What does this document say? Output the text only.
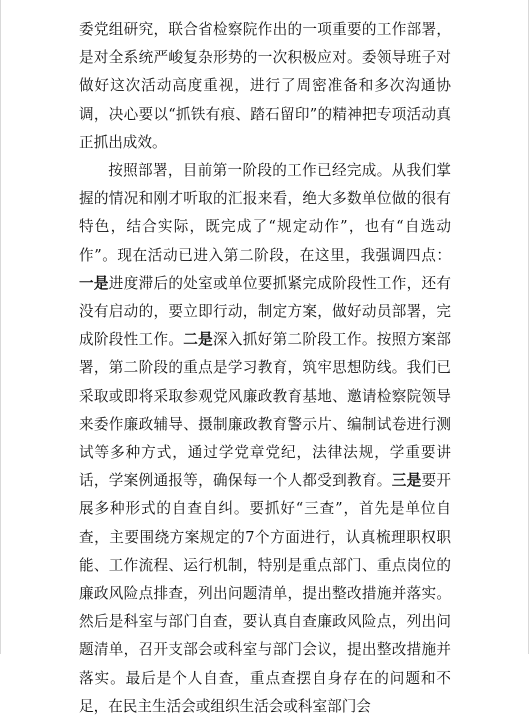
委党组研究，联合省检察院作出的一项重要的工作部署，是对全系统严峻复杂形势的一次积极应对。委领导班子对做好这次活动高度重视，进行了周密准备和多次沟通协调，决心要以“抓铁有痕、踏石留印”的精神把专项活动真正抓出成效。

按照部署，目前第一阶段的工作已经完成。从我们掌握的情况和刚才听取的汇报来看，绝大多数单位做的很有特色，结合实际，既完成了“规定动作”，也有“自选动作”。现在活动已进入第二阶段，在这里，我强调四点：一是进度滞后的处室或单位要抓紧完成阶段性工作，还有没有启动的，要立即行动，制定方案，做好动员部署，完成阶段性工作。二是深入抓好第二阶段工作。按照方案部署，第二阶段的重点是学习教育，筑牢思想防线。我们已采取或即将采取参观党风廉政教育基地、邀请检察院领导来委作廉政辅导、摄制廉政教育警示片、编制试卷进行测试等多种方式，通过学党章党纪，法律法规，学重要讲话，学案例通报等，确保每一个人都受到教育。三是要开展多种形式的自查自纠。要抓好“三查”，首先是单位自查，主要围绕方案规定的7个方面进行，认真梳理职权职能、工作流程、运行机制，特别是重点部门、重点岗位的廉政风险点排查，列出问题清单，提出整改措施并落实。然后是科室与部门自查，要认真自查廉政风险点，列出问题清单，召开支部会或科室与部门会议，提出整改措施并落实。最后是个人自查，重点查摆自身存在的问题和不足，在民主生活会或组织生活会或科室部门会
